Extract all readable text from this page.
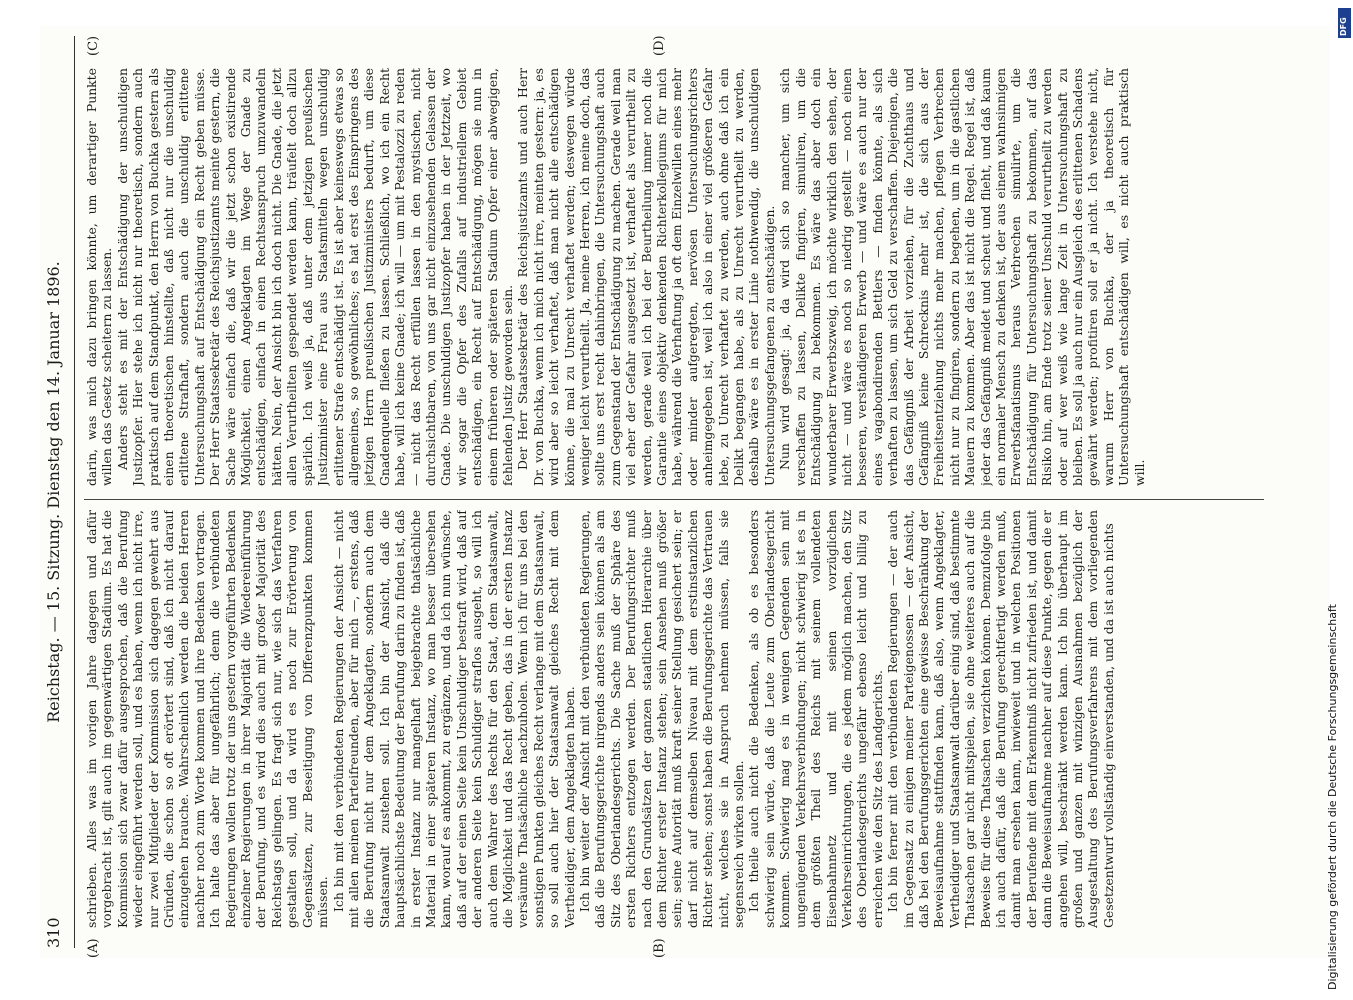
310
Reichstag. — 15. Sitzung. Dienstag den 14. Januar 1896.
(A)	(B)
(C)	(D)

schrieben. Alles was im vorigen Jahre dagegen und dafür vorgebracht ist, gilt auch im gegenwärtigen Stadium. Es hat die Kommission sich zwar dafür ausgesprochen, daß die Berufung wieder eingeführt werden soll, und es haben, wenn ich nicht irre, nur zwei Mitglieder der Kommission sich dagegen gewehrt aus Gründen, die schon so oft erörtert sind, daß ich nicht darauf einzugehen brauche. Wahrscheinlich werden die beiden Herren nachher noch zum Worte kommen und ihre Bedenken vortragen. Ich halte das aber für ungefährlich; denn die verbündeten Regierungen wollen trotz der uns gestern vorgeführten Bedenken einzelner Regierungen in ihrer Majorität die Wiedereinführung der Berufung, und es wird dies auch mit großer Majorität des Reichstags gelingen. Es fragt sich nur, wie sich das Verfahren gestalten soll, und da wird es noch zur Erörterung von Gegensätzen, zur Beseitigung von Differenzpunkten kommen müssen. Ich bin mit den verbündeten Regierungen der Ansicht — nicht mit allen meinen Parteifreunden, aber für mich —, erstens, daß die Berufung nicht nur dem Angeklagten, sondern auch dem Staatsanwalt zustehen soll. Ich bin der Ansicht, daß die hauptsächlichste Bedeutung der Berufung darin zu finden ist, daß in erster Instanz nur mangelhaft beigebrachte thatsächliche Material in einer späteren Instanz, wo man besser übersehen kann, worauf es ankommt, zu ergänzen, und da ich nun wünsche, daß auf der einen Seite kein Unschuldiger bestraft wird, daß auf der anderen Seite kein Schuldiger straflos ausgeht, so will ich auch dem Wahrer des Rechts für den Staat, dem Staatsanwalt, die Möglichkeit und das Recht geben, das in der ersten Instanz versäumte Thatsächliche nachzuholen. Wenn ich für uns bei den sonstigen Punkten gleiches Recht verlange mit dem Staatsanwalt, so soll auch hier der Staatsanwalt gleiches Recht mit dem Vertheidiger, dem Angeklagten haben. Ich bin weiter der Ansicht mit den verbündeten Regierungen, daß die Berufungsgerichte nirgends anders sein können als am Sitz des Oberlandesgerichts. Die Sache muß der Sphäre des ersten Richters entzogen werden. Der Berufungsrichter muß nach den Grundsätzen der ganzen staatlichen Hierarchie über dem Richter erster Instanz stehen; sein Ansehen muß größer sein; seine Autorität muß kraft seiner Stellung gesichert sein; er darf nicht auf demselben Niveau mit dem erstinstanzlichen Richter stehen; sonst haben die Berufungsgerichte das Vertrauen nicht, welches sie in Anspruch nehmen müssen, falls sie segensreich wirken sollen. Ich theile auch nicht die Bedenken, als ob es besonders schwierig sein würde, daß die Leute zum Oberlandesgericht kommen. Schwierig mag es in wenigen Gegenden sein mit ungenügenden Verkehrsverbindungen; nicht schwierig ist es in dem größten Theil des Reichs mit seinem vollendeten Eisenbahnnetz und mit seinen vorzüglichen Verkehrseinrichtungen, die es jedem möglich machen, den Sitz des Oberlandesgerichts ungefähr ebenso leicht und billig zu erreichen wie den Sitz des Landgerichts. Ich bin ferner mit den verbündeten Regierungen — der auch im Gegensatz zu einigen meiner Parteigenossen — der Ansicht, daß bei den Berufungsgerichten eine gewisse Beschränkung der Beweisaufnahme stattfinden kann, daß also, wenn Angeklagter, Vertheidiger und Staatsanwalt darüber einig sind, daß bestimmte Thatsachen gar nicht mitspielen, sie ohne weiteres auch auf die Beweise für diese Thatsachen verzichten können. Demzufolge bin ich auch dafür, daß die Berufung gerechtfertigt werden muß, damit man ersehen kann, inwieweit und in welchen Positionen der Berufende mit dem Erkenntniß nicht zufrieden ist, und damit dann die Beweisaufnahme nachher auf diese Punkte, gegen die er angehen will, beschränkt werden kann. Ich bin überhaupt im großen und ganzen mit winzigen Ausnahmen bezüglich der Ausgestaltung des Berufungsverfahrens mit dem vorliegenden Gesetzentwurf vollständig einverstanden, und da ist auch nichts

darin, was mich dazu bringen könnte, um derartiger Punkte willen das Gesetz scheitern zu lassen. Anders steht es mit der Entschädigung der unschuldigen Justizopfer. Hier stehe ich nicht nur theoretisch, sondern auch praktisch auf dem Standpunkt, den Herrn von Buchka gestern als einen theoretischen hinstellte, daß nicht nur die unschuldig erlittene Strafhaft, sondern auch die unschuldig erlittene Untersuchungshaft auf Entschädigung ein Recht geben müsse. Der Herr Staatssekretär des Reichsjustizamts meinte gestern, die Sache wäre einfach die, daß wir die jetzt schon existirende Möglichkeit, einen Angeklagten im Wege der Gnade zu entschädigen, einfach in einen Rechtsanspruch umzuwandeln hätten. Nein, der Ansicht bin ich doch nicht. Die Gnade, die jetzt allen Verurtheilten gespendet werden kann, träufelt doch allzu spärlich. Ich weiß ja, daß unter dem jetzigen preußischen Justizminister eine Frau aus Staatsmitteln wegen unschuldig erlittener Strafe entschädigt ist. Es ist aber keineswegs etwas so allgemeines, so gewöhnliches; es hat erst des Einspringens des jetzigen Herrn preußischen Justizministers bedurft, um diese Gnadenquelle fließen zu lassen. Schließlich, wo ich ein Recht habe, will ich keine Gnade; ich will — um mit Pestalozzi zu reden — nicht das Recht erfüllen lassen in den mystischen, nicht durchsichtbaren, von uns gar nicht einzusehenden Gelassen der Gnade. Die unschuldigen Justizopfer haben in der Jetztzeit, wo wir sogar die Opfer des Zufalls auf industriellem Gebiet entschädigen, ein Recht auf Entschädigung, mögen sie nun in einem früheren oder späteren Stadium Opfer einer abwegigen, fehlenden Justiz geworden sein. Der Herr Staatssekretär des Reichsjustizamts und auch Herr Dr. von Buchka, wenn ich mich nicht irre, meinten gestern: ja, es wird aber so leicht verhaftet, daß man nicht alle entschädigen könne, die mal zu Unrecht verhaftet werden; deswegen würde weniger leicht verurtheilt. Ja, meine Herren, ich meine doch, das sollte uns erst recht dahinbringen, die Untersuchungshaft auch zum Gegenstand der Entschädigung zu machen. Gerade weil man viel eher der Gefahr ausgesetzt ist, verhaftet als verurtheilt zu werden, gerade weil ich bei der Beurtheilung immer noch die Garantie eines objektiv denkenden Richterkollegiums für mich habe, während die Verhaftung ja oft dem Einzelwillen eines mehr oder minder aufgeregten, nervösen Untersuchungsrichters anheimgegeben ist, weil ich also in einer viel größeren Gefahr lebe, zu Unrecht verhaftet zu werden, auch ohne daß ich ein Delikt begangen habe, als zu Unrecht verurtheilt zu werden, deshalb wäre es in erster Linie nothwendig, die unschuldigen Untersuchungsgefangenen zu entschädigen. Nun wird gesagt: ja, da wird sich so mancher, um sich verschaffen zu lassen, Delikte fingiren, simuliren, um die Entschädigung zu bekommen. Es wäre das aber doch ein wunderbarer Erwerbszweig, ich möchte wirklich den sehen, der nicht — und wäre es noch so niedrig gestellt — noch einen besseren, verständigeren Erwerb — und wäre es auch nur der eines vagabondirenden Bettlers — finden könnte, als sich verhaften zu lassen, um sich Geld zu verschaffen. Diejenigen, die das Gefängniß der Arbeit vorziehen, für die Zuchthaus und Gefängniß keine Schrecknis mehr ist, die sich aus der Freiheitsentziehung nichts mehr machen, pflegen Verbrechen nicht nur zu fingiren, sondern zu begehen, um in die gastlichen Mauern zu kommen. Aber das ist nicht die Regel. Regel ist, daß jeder das Gefängniß meidet und scheut und flieht, und daß kaum ein normaler Mensch zu denken ist, der aus einem wahnsinnigen Erwerbsfanatismus heraus Verbrechen simulirte, um die Entschädigung für Untersuchungshaft zu bekommen, auf das Risiko hin, am Ende trotz seiner Unschuld verurtheilt zu werden oder auf wer weiß wie lange Zeit in Untersuchungshaft zu bleiben. Es soll ja auch nur ein Ausgleich des erlittenen Schadens gewährt werden; profitiren soll er ja nicht. Ich verstehe nicht, warum Herr von Buchka, der ja theoretisch für Untersuchungshaft entschädigen will, es nicht auch praktisch will.

Digitalisierung gefördert durch die Deutsche Forschungsgemeinschaft
DFG
